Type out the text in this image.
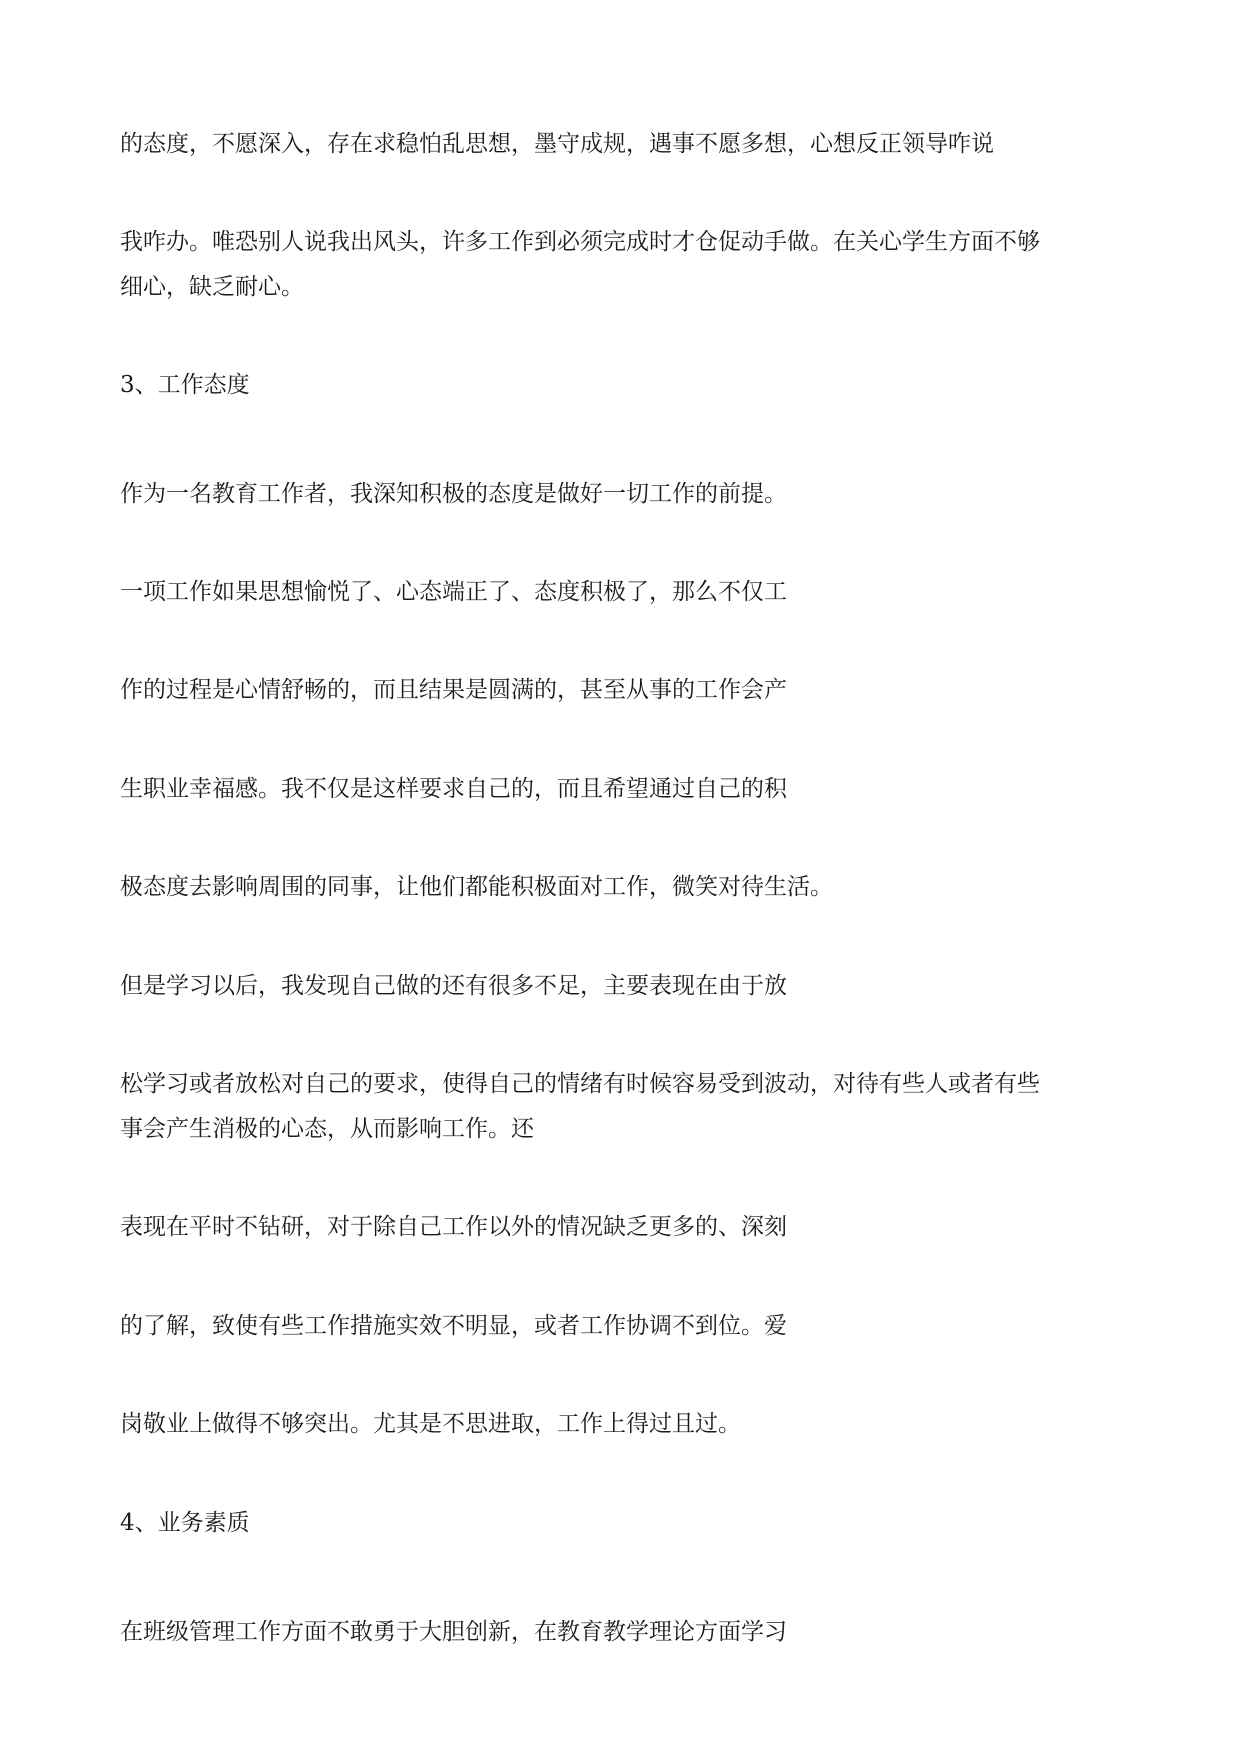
的态度，不愿深入，存在求稳怕乱思想，墨守成规，遇事不愿多想，心想反正领导咋说

我咋办。唯恐别人说我出风头，许多工作到必须完成时才仓促动手做。在关心学生方面不够

细心，缺乏耐心。

3、工作态度

作为一名教育工作者，我深知积极的态度是做好一切工作的前提。

一项工作如果思想愉悦了、心态端正了、态度积极了，那么不仅工

作的过程是心情舒畅的，而且结果是圆满的，甚至从事的工作会产

生职业幸福感。我不仅是这样要求自己的，而且希望通过自己的积

极态度去影响周围的同事，让他们都能积极面对工作，微笑对待生活。

但是学习以后，我发现自己做的还有很多不足，主要表现在由于放

松学习或者放松对自己的要求，使得自己的情绪有时候容易受到波动，对待有些人或者有些

事会产生消极的心态，从而影响工作。还

表现在平时不钻研，对于除自己工作以外的情况缺乏更多的、深刻

的了解，致使有些工作措施实效不明显，或者工作协调不到位。爱

岗敬业上做得不够突出。尤其是不思进取，工作上得过且过。

4、业务素质

在班级管理工作方面不敢勇于大胆创新，在教育教学理论方面学习
